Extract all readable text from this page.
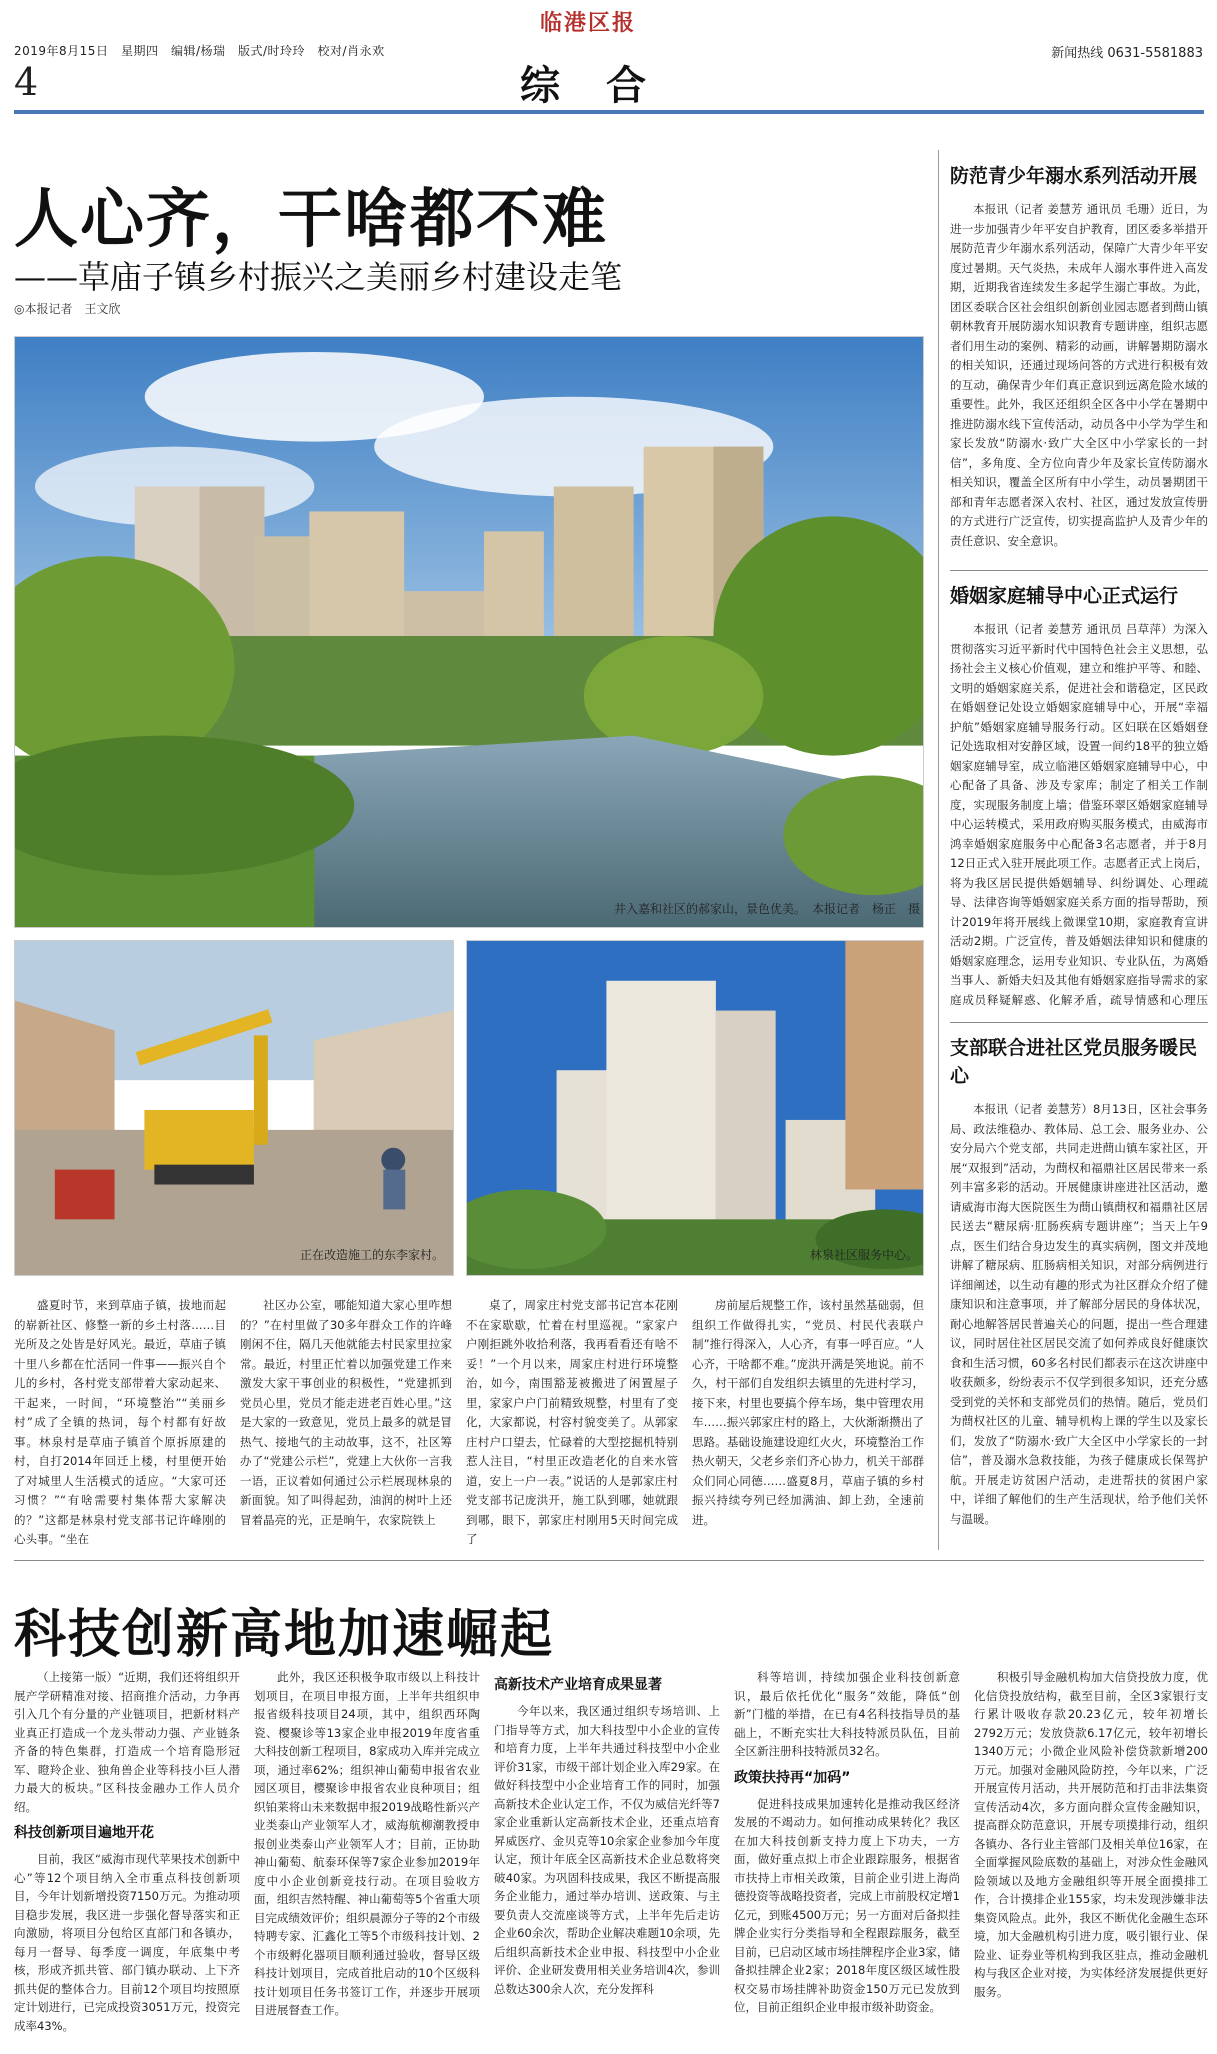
临港区报
2019年8月15日　星期四　编辑/杨瑞　版式/时玲玲　校对/肖永欢	新闻热线 0631-5581883
4	综合
人心齐，干啥都不难
——草庙子镇乡村振兴之美丽乡村建设走笔
◎本报记者　王文欣
井入嘉和社区的郝家山，景色优美。　本报记者　杨正　摄
正在改造施工的东李家村。	林泉社区服务中心。

盛夏时节，来到草庙子镇，拔地而起的崭新社区、修整一新的乡土村落……目光所及之处皆是好风光。最近，草庙子镇十里八乡都在忙活同一件事——振兴自个儿的乡村，各村党支部带着大家动起来、干起来，一时间，“环境整治”“美丽乡村”成了全镇的热词，每个村都有好故事。林泉村是草庙子镇首个原拆原建的村，自打2014年回迁上楼，村里便开始了对城里人生活模式的适应。“大家可还习惯？”“有啥需要村集体帮大家解决的？”这都是林泉村党支部书记许峰刚的心头事。“坐在

社区办公室，哪能知道大家心里咋想的？”在村里做了30多年群众工作的许峰刚闲不住，隔几天他就能去村民家里拉家常。最近，村里正忙着以加强党建工作来激发大家干事创业的积极性，“党建抓到党员心里，党员才能走进老百姓心里。”这是大家的一致意见，党员上最多的就是冒热气、接地气的主动故事，这不，社区筹办了“党建公示栏”，党建上大伙你一言我一语，正议着如何通过公示栏展现林泉的新面貌。知了叫得起劲，油润的树叶上还冒着晶亮的光，正是晌午，农家院铁上

桌了，周家庄村党支部书记宫本花刚不在家歇歇，忙着在村里巡视。“家家户户刚拒跳外收拾利落，我再看看还有啥不妥！”一个月以来，周家庄村进行环境整治，如今，南围豁茏被搬进了闲置屋子里，家家户户门前精致规整，村里有了变化，大家都说，村容村貌变美了。从郭家庄村户口望去，忙碌着的大型挖掘机特别惹人注目，“村里正改造老化的自来水管道，安上一户一表。”说话的人是郭家庄村党支部书记庞洪开，施工队到哪，她就跟到哪，眼下，郭家庄村刚用5天时间完成了

房前屋后规整工作，该村虽然基础弱，但组织工作做得扎实，“党员、村民代表联户制”推行得深入，人心齐，有事一呼百应。“人心齐，干啥都不难。”庞洪开满是笑地说。前不久，村干部们自发组织去镇里的先进村学习，接下来，村里也要搞个停车场，集中管理农用车……振兴郭家庄村的路上，大伙渐渐攒出了思路。基础设施建设迎红火火，环境整治工作热火朝天，父老乡亲们齐心协力，机关干部群众们同心同德……盛夏8月，草庙子镇的乡村振兴持续夸列已经加满油、卸上劲，全速前进。

防范青少年溺水系列活动开展

本报讯（记者 姜慧芳 通讯员 毛珊）近日，为进一步加强青少年平安自护教育，团区委多举措开展防范青少年溺水系列活动，保障广大青少年平安度过暑期。天气炎热，未成年人溺水事件进入高发期，近期我省连续发生多起学生溺亡事故。为此，团区委联合区社会组织创新创业园志愿者到蔄山镇朝林教育开展防溺水知识教育专题讲座，组织志愿者们用生动的案例、精彩的动画，讲解暑期防溺水的相关知识，还通过现场问答的方式进行积极有效的互动，确保青少年们真正意识到远离危险水域的重要性。此外，我区还组织全区各中小学在暑期中推进防溺水线下宣传活动，动员各中小学为学生和家长发放“防溺水·致广大全区中小学家长的一封信”，多角度、全方位向青少年及家长宣传防溺水相关知识，覆盖全区所有中小学生，动员暑期团干部和青年志愿者深入农村、社区，通过发放宣传册的方式进行广泛宣传，切实提高监护人及青少年的责任意识、安全意识。

婚姻家庭辅导中心正式运行

本报讯（记者 姜慧芳 通讯员 吕草萍）为深入贯彻落实习近平新时代中国特色社会主义思想，弘扬社会主义核心价值观，建立和维护平等、和睦、文明的婚姻家庭关系，促进社会和谐稳定，区民政在婚姻登记处设立婚姻家庭辅导中心，开展“幸福护航”婚姻家庭辅导服务行动。区妇联在区婚姻登记处选取相对安静区域，设置一间约18平的独立婚姻家庭辅导室，成立临港区婚姻家庭辅导中心，中心配备了具备、涉及专家库；制定了相关工作制度，实现服务制度上墙；借鉴环翠区婚姻家庭辅导中心运转模式，采用政府购买服务模式，由威海市鸿幸婚姻家庭服务中心配备3名志愿者，并于8月12日正式入驻开展此项工作。志愿者正式上岗后，将为我区居民提供婚姻辅导、纠纷调处、心理疏导、法律咨询等婚姻家庭关系方面的指导帮助，预计2019年将开展线上微课堂10期，家庭教育宣讲活动2期。广泛宣传，普及婚姻法律知识和健康的婚姻家庭理念，运用专业知识、专业队伍，为离婚当事人、新婚夫妇及其他有婚姻家庭指导需求的家庭成员释疑解惑、化解矛盾，疏导情感和心理压

支部联合进社区党员服务暖民心

本报讯（记者 姜慧芳）8月13日，区社会事务局、政法维稳办、教体局、总工会、服务业办、公安分局六个党支部，共同走进蔄山镇车家社区，开展“双报到”活动，为蔄权和福鼎社区居民带来一系列丰富多彩的活动。开展健康讲座进社区活动，邀请威海市海大医院医生为蔄山镇蔄权和福鼎社区居民送去“糖尿病·肛肠疾病专题讲座”；当天上午9点，医生们结合身边发生的真实病例，图文并茂地讲解了糖尿病、肛肠病相关知识，对部分病例进行详细阐述，以生动有趣的形式为社区群众介绍了健康知识和注意事项，并了解部分居民的身体状况，耐心地解答居民普遍关心的问题，提出一些合理建议，同时居住社区居民交流了如何养成良好健康饮食和生活习惯，60多名村民们都表示在这次讲座中收获颇多，纷纷表示不仅学到很多知识，还充分感受到党的关怀和支部党员们的热情。随后，党员们为蔄权社区的儿童、辅导机构上课的学生以及家长们，发放了“防溺水·致广大全区中小学家长的一封信”，普及溺水急救技能，为孩子健康成长保驾护航。开展走访贫困户活动，走进帮扶的贫困户家中，详细了解他们的生产生活现状，给予他们关怀与温暖。

科技创新高地加速崛起

（上接第一版）“近期，我们还将组织开展产学研精准对接、招商推介活动，力争再引入几个有分量的产业链项目，把新材料产业真正打造成一个龙头带动力强、产业链条齐备的特色集群，打造成一个培育隐形冠军、瞪羚企业、独角兽企业等科技小巨人潜力最大的板块。”区科技金融办工作人员介绍。

科技创新项目遍地开花

目前，我区“威海市现代苹果技术创新中心”等12个项目纳入全市重点科技创新项目，今年计划新增投资7150万元。为推动项目稳步发展，我区进一步强化督导落实和正向激励，将项目分包给区直部门和各镇办，每月一督导、每季度一调度，年底集中考核，形成齐抓共管、部门镇办联动、上下齐抓共促的整体合力。目前12个项目均按照原定计划进行，已完成投资3051万元，投资完成率43%。

此外，我区还积极争取市级以上科技计划项目，在项目申报方面，上半年共组织申报省级科技项目24项，其中，组织西环陶瓷、樱聚诊等13家企业申报2019年度省重大科技创新工程项目，8家成功入库并完成立项，通过率62%；组织神山葡萄申报省农业园区项目，樱聚诊申报省农业良种项目；组织铂莱将山未来数据申报2019战略性新兴产业类泰山产业领军人才，威海航柳潮教授申报创业类泰山产业领军人才；目前，正协助神山葡萄、航泰环保等7家企业参加2019年度中小企业创新竞技行动。在项目验收方面，组织吉然特醒、神山葡萄等5个省重大项目完成绩效评价；组织晨源分子等的2个市级特聘专家、汇鑫化工等5个市级科技计划、2个市级孵化器项目顺利通过验收，督导区级科技计划项目，完成首批启动的10个区级科技计划项目任务书签订工作，并逐步开展项目进展督查工作。

高新技术产业培育成果显著

今年以来，我区通过组织专场培训、上门指导等方式，加大科技型中小企业的宣传和培育力度，上半年共通过科技型中小企业评价31家，市级干部计划企业入库29家。在做好科技型中小企业培育工作的同时，加强高新技术企业认定工作，不仅为威信光纤等7家企业重新认定高新技术企业，还重点培育昇威医疗、金贝克等10余家企业参加今年度认定，预计年底全区高新技术企业总数将突破40家。为巩固科技成果，我区不断提高服务企业能力，通过举办培训、送政策、与主要负责人交流座谈等方式，上半年先后走访企业60余次，帮助企业解决难题10余项，先后组织高新技术企业申报、科技型中小企业评价、企业研发费用相关业务培训4次，参训总数达300余人次，充分发挥科

科等培训，持续加强企业科技创新意识，最后依托优化“服务”效能，降低“创新”门槛的举措，在已有4名科技指导员的基础上，不断充实壮大科技特派员队伍，目前全区新注册科技特派员32名。

政策扶持再“加码”

促进科技成果加速转化是推动我区经济发展的不竭动力。如何推动成果转化？我区在加大科技创新支持力度上下功夫，一方面，做好重点拟上市企业跟踪服务，根据省市扶持上市相关政策，目前企业引进上海尚德投资等战略投资者，完成上市前股权定增1亿元，到账4500万元；另一方面对后备拟挂牌企业实行分类指导和全程跟踪服务，截至目前，已启动区域市场挂牌程序企业3家，储备拟挂牌企业2家；2018年度区级区域性股权交易市场挂牌补助资金150万元已发放到位，目前正组织企业申报市级补助资金。

积极引导金融机构加大信贷投放力度，优化信贷投放结构，截至目前，全区3家银行支行累计吸收存款20.23亿元，较年初增长2792万元；发放贷款6.17亿元，较年初增长1340万元；小微企业风险补偿贷款新增200万元。加强对金融风险防控，今年以来，广泛开展宣传月活动，共开展防范和打击非法集资宣传活动4次，多方面向群众宣传金融知识，提高群众防范意识，开展专项摸排行动，组织各镇办、各行业主管部门及相关单位16家，在全面掌握风险底数的基础上，对涉众性金融风险领域以及地方金融组织等开展全面摸排工作，合计摸排企业155家，均未发现涉嫌非法集资风险点。此外，我区不断优化金融生态环境，加大金融机构引进力度，吸引银行业、保险业、证券业等机构到我区驻点，推动金融机构与我区企业对接，为实体经济发展提供更好服务。
